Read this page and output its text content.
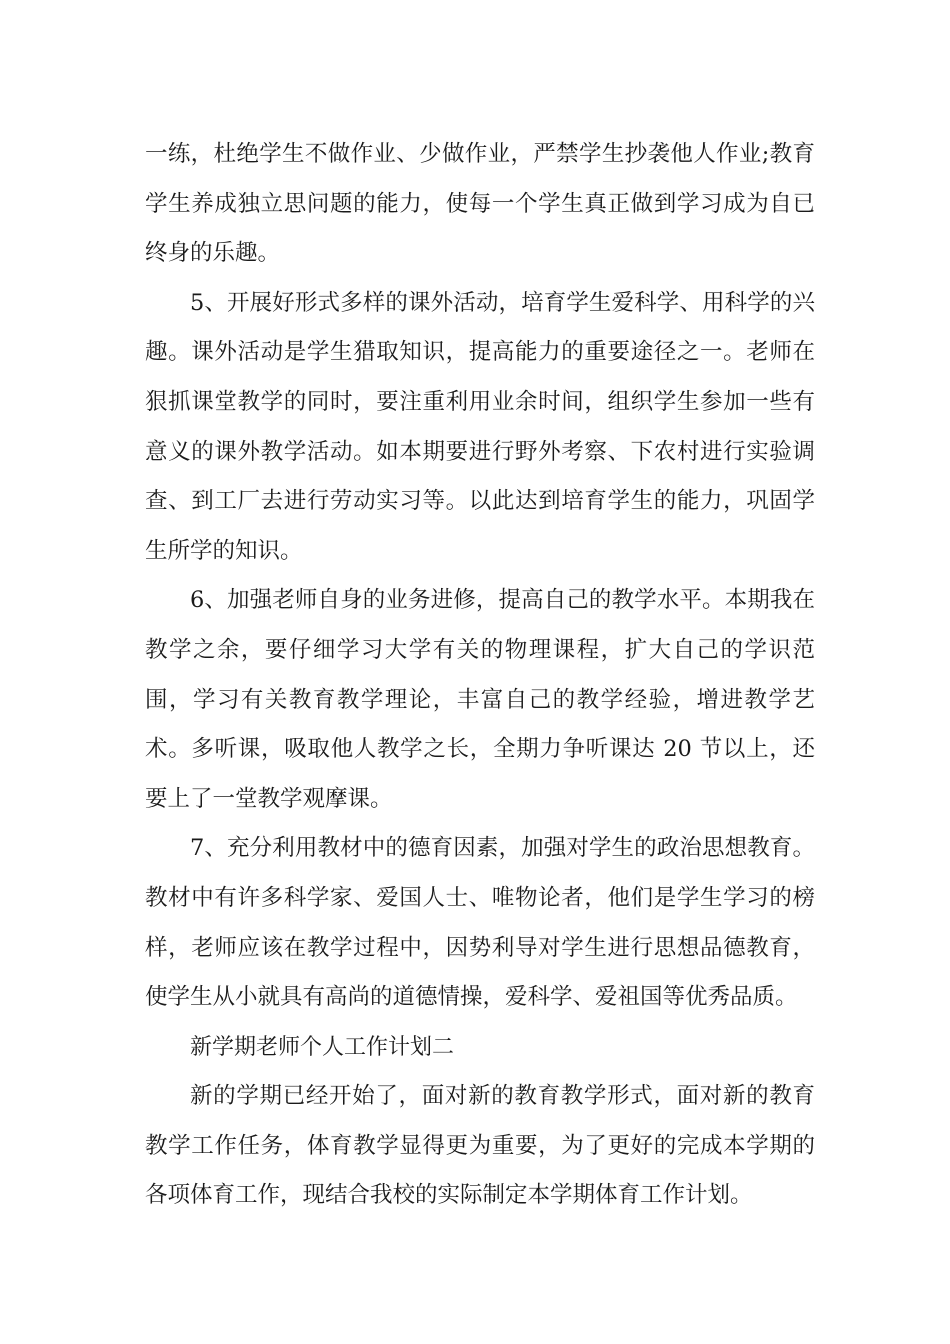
一练，杜绝学生不做作业、少做作业，严禁学生抄袭他人作业;教育学生养成独立思问题的能力，使每一个学生真正做到学习成为自已终身的乐趣。

5、开展好形式多样的课外活动，培育学生爱科学、用科学的兴趣。课外活动是学生猎取知识，提高能力的重要途径之一。老师在狠抓课堂教学的同时，要注重利用业余时间，组织学生参加一些有意义的课外教学活动。如本期要进行野外考察、下农村进行实验调查、到工厂去进行劳动实习等。以此达到培育学生的能力，巩固学生所学的知识。

6、加强老师自身的业务进修，提高自己的教学水平。本期我在教学之余，要仔细学习大学有关的物理课程，扩大自己的学识范围，学习有关教育教学理论，丰富自己的教学经验，增进教学艺术。多听课，吸取他人教学之长，全期力争听课达 20 节以上，还要上了一堂教学观摩课。

7、充分利用教材中的德育因素，加强对学生的政治思想教育。教材中有许多科学家、爱国人士、唯物论者，他们是学生学习的榜样，老师应该在教学过程中，因势利导对学生进行思想品德教育，使学生从小就具有高尚的道德情操，爱科学、爱祖国等优秀品质。

新学期老师个人工作计划二

新的学期已经开始了，面对新的教育教学形式，面对新的教育教学工作任务，体育教学显得更为重要，为了更好的完成本学期的各项体育工作，现结合我校的实际制定本学期体育工作计划。
